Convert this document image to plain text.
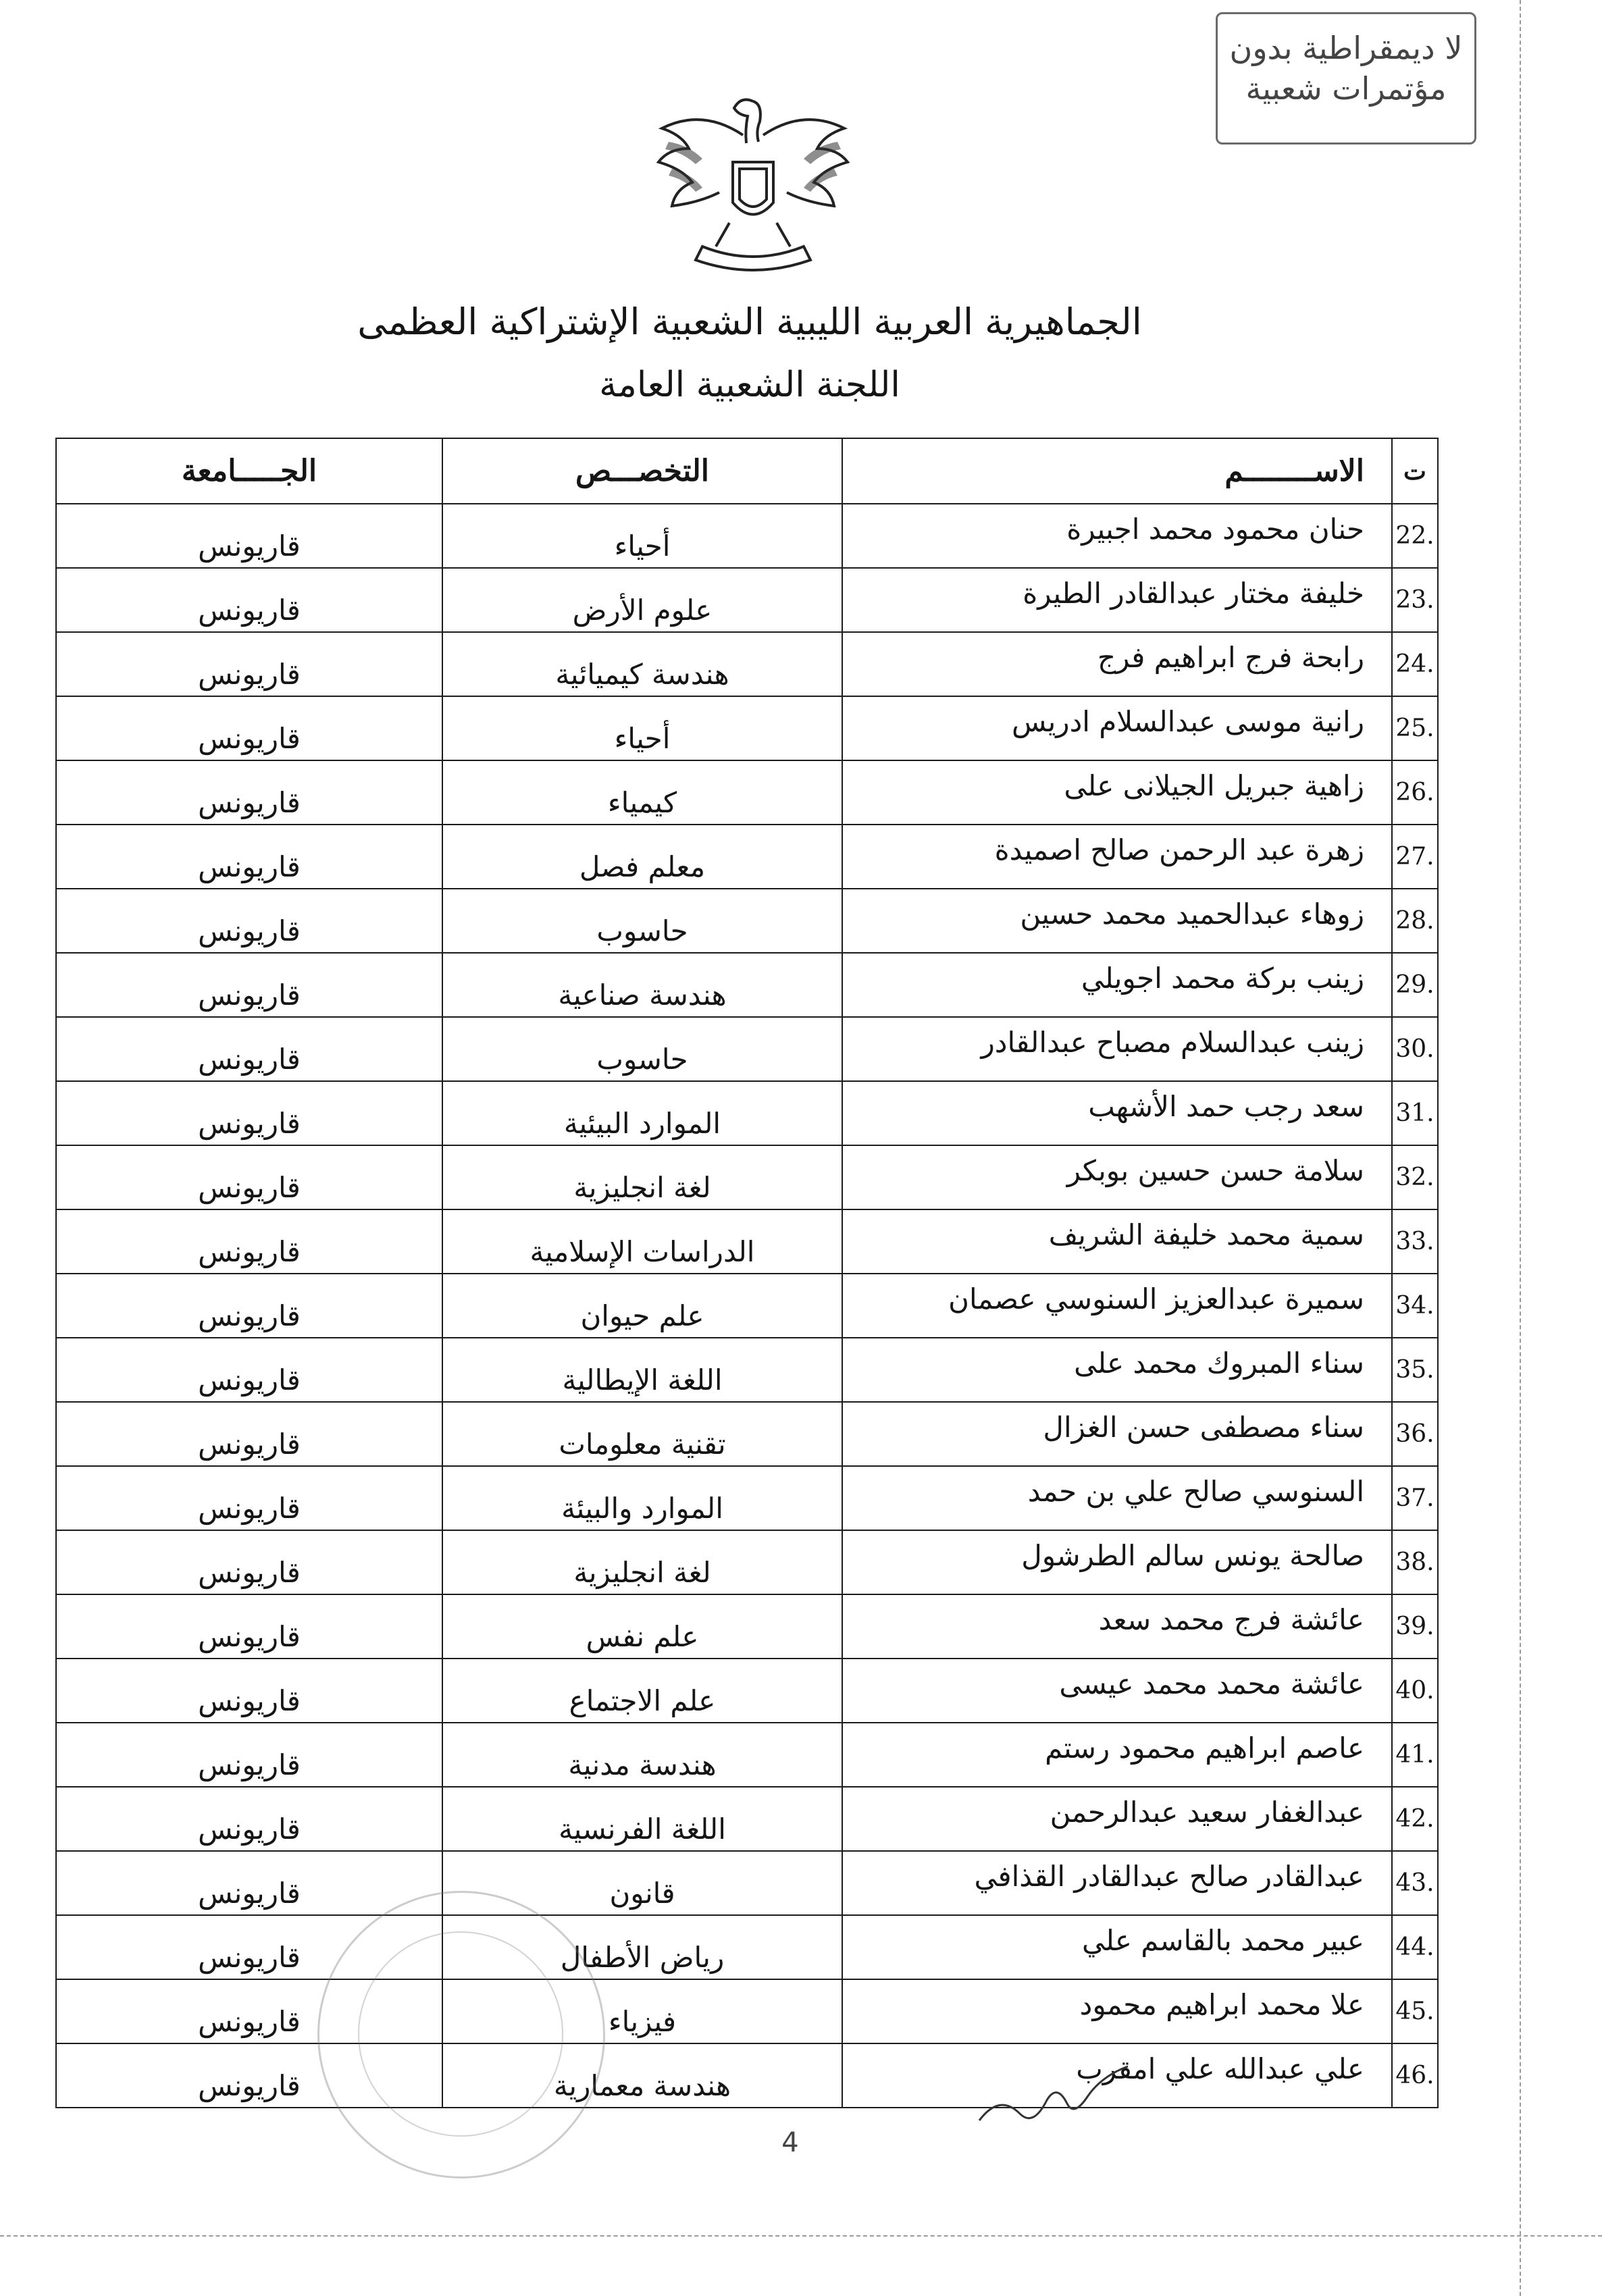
لا ديمقراطية بدون
مؤتمرات شعبية
الجماهيرية العربية الليبية الشعبية الإشتراكية العظمى
اللجنة الشعبية العامة
ت	الاســــــــم	التخصـــص	الجـــــامعة
.22	حنان محمود محمد اجبيرة	أحياء	قاريونس

.23	خليفة مختار عبدالقادر الطيرة	علوم الأرض	قاريونس

.24	رابحة فرج ابراهيم فرج	هندسة كيميائية	قاريونس

.25	رانية موسى عبدالسلام ادريس	أحياء	قاريونس

.26	زاهية جبريل الجيلانى على	كيمياء	قاريونس

.27	زهرة عبد الرحمن صالح اصميدة	معلم فصل	قاريونس

.28	زوهاء عبدالحميد محمد حسين	حاسوب	قاريونس

.29	زينب بركة محمد اجويلي	هندسة صناعية	قاريونس

.30	زينب عبدالسلام مصباح عبدالقادر	حاسوب	قاريونس

.31	سعد رجب حمد الأشهب	الموارد البيئية	قاريونس

.32	سلامة حسن حسين بوبكر	لغة انجليزية	قاريونس

.33	سمية محمد خليفة الشريف	الدراسات الإسلامية	قاريونس

.34	سميرة عبدالعزيز السنوسي عصمان	علم حيوان	قاريونس

.35	سناء المبروك محمد على	اللغة الإيطالية	قاريونس

.36	سناء مصطفى حسن الغزال	تقنية معلومات	قاريونس

.37	السنوسي صالح علي بن حمد	الموارد والبيئة	قاريونس

.38	صالحة يونس سالم الطرشول	لغة انجليزية	قاريونس

.39	عائشة فرج محمد سعد	علم نفس	قاريونس

.40	عائشة محمد محمد عيسى	علم الاجتماع	قاريونس

.41	عاصم ابراهيم محمود رستم	هندسة مدنية	قاريونس

.42	عبدالغفار سعيد عبدالرحمن	اللغة الفرنسية	قاريونس

.43	عبدالقادر صالح عبدالقادر القذافي	قانون	قاريونس

.44	عبير محمد بالقاسم علي	رياض الأطفال	قاريونس

.45	علا محمد ابراهيم محمود	فيزياء	قاريونس

.46	علي عبدالله علي امقرب	هندسة معمارية	قاريونس
4
